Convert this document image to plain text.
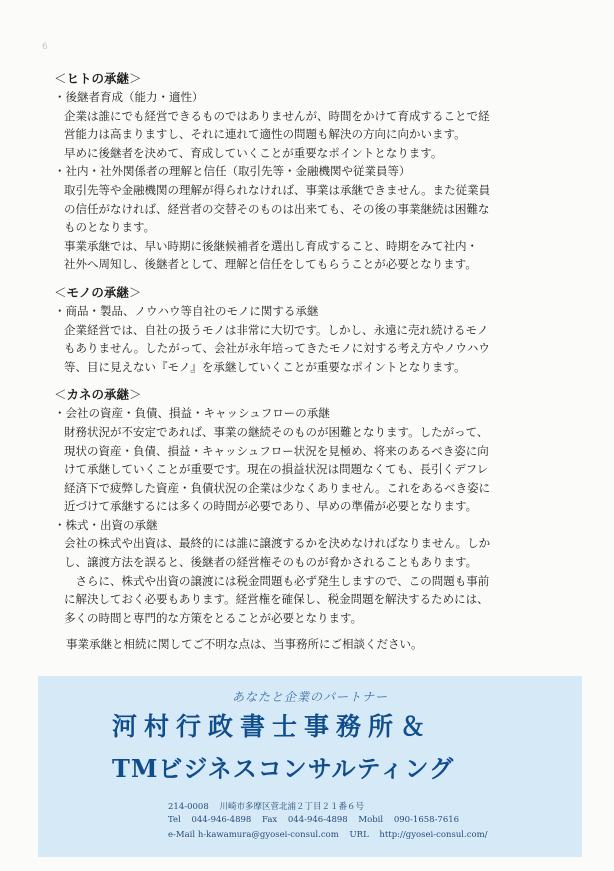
6
＜ヒトの承継＞
・後継者育成（能力・適性）
企業は誰にでも経営できるものではありませんが、時間をかけて育成することで経
営能力は高まりますし、それに連れて適性の問題も解決の方向に向かいます。
早めに後継者を決めて、育成していくことが重要なポイントとなります。
・社内・社外関係者の理解と信任（取引先等・金融機関や従業員等）
取引先等や金融機関の理解が得られなければ、事業は承継できません。また従業員
の信任がなければ、経営者の交替そのものは出来ても、その後の事業継続は困難な
ものとなります。
事業承継では、早い時期に後継候補者を選出し育成すること、時期をみて社内・
社外へ周知し、後継者として、理解と信任をしてもらうことが必要となります。
＜モノの承継＞
・商品・製品、ノウハウ等自社のモノに関する承継
企業経営では、自社の扱うモノは非常に大切です。しかし、永遠に売れ続けるモノ
もありません。したがって、会社が永年培ってきたモノに対する考え方やノウハウ
等、目に見えない『モノ』を承継していくことが重要なポイントとなります。
＜カネの承継＞
・会社の資産・負債、損益・キャッシュフローの承継
財務状況が不安定であれば、事業の継続そのものが困難となります。したがって、
現状の資産・負債、損益・キャッシュフロー状況を見極め、将来のあるべき姿に向
けて承継していくことが重要です。現在の損益状況は問題なくても、長引くデフレ
経済下で疲弊した資産・負債状況の企業は少なくありません。これをあるべき姿に
近づけて承継するには多くの時間が必要であり、早めの準備が必要となります。
・株式・出資の承継
会社の株式や出資は、最終的には誰に譲渡するかを決めなければなりません。しか
し、譲渡方法を誤ると、後継者の経営権そのものが脅かされることもあります。
　さらに、株式や出資の譲渡には税金問題も必ず発生しますので、この問題も事前
に解決しておく必要もあります。経営権を確保し、税金問題を解決するためには、
多くの時間と専門的な方策をとることが必要となります。
事業承継と相続に関してご不明な点は、当事務所にご相談ください。
あなたと企業のパートナー
河村行政書士事務所＆
TMビジネスコンサルティング
214-0008 川崎市多摩区菅北浦２丁目２１番６号
Tel 044-946-4898 Fax 044-946-4898 Mobil 090-1658-7616
e-Mail h-kawamura@gyosei-consul.com URL http://gyosei-consul.com/
